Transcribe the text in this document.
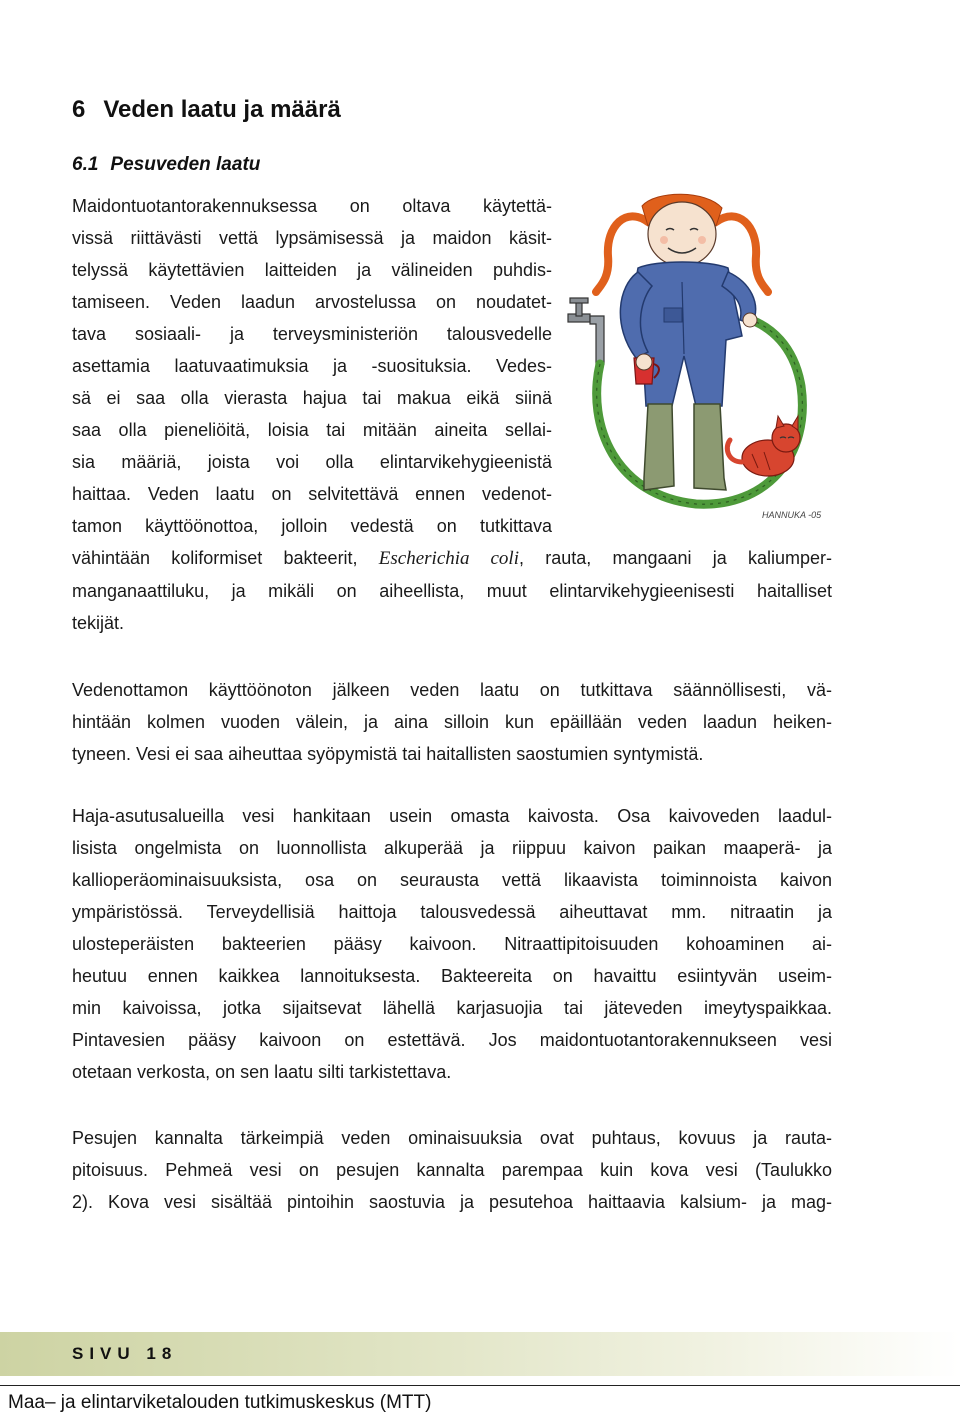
6 Veden laatu ja määrä
6.1 Pesuveden laatu
Maidontuotantorakennuksessa on oltava käytettä-
vissä riittävästi vettä lypsämisessä ja maidon käsit-
telyssä käytettävien laitteiden ja välineiden puhdis-
tamiseen. Veden laadun arvostelussa on noudatet-
tava sosiaali- ja terveysministeriön talousvedelle
asettamia laatuvaatimuksia ja -suosituksia. Vedes-
sä ei saa olla vierasta hajua tai makua eikä siinä
saa olla pieneliöitä, loisia tai mitään aineita sellai-
sia määriä, joista voi olla elintarvikehygieenistä
haittaa. Veden laatu on selvitettävä ennen vedenot-
tamon käyttöönottoa, jolloin vedestä on tutkittava
vähintään koliformiset bakteerit, Escherichia coli, rauta, mangaani ja kaliumper-
manganaattiluku, ja mikäli on aiheellista, muut elintarvikehygieenisesti haitalliset
tekijät.
HANNUKA -05
Vedenottamon käyttöönoton jälkeen veden laatu on tutkittava säännöllisesti, vä-
hintään kolmen vuoden välein, ja aina silloin kun epäillään veden laadun heiken-
tyneen. Vesi ei saa aiheuttaa syöpymistä tai haitallisten saostumien syntymistä.
Haja-asutusalueilla vesi hankitaan usein omasta kaivosta. Osa kaivoveden laadul-
lisista ongelmista on luonnollista alkuperää ja riippuu kaivon paikan maaperä- ja
kallioperäominaisuuksista, osa on seurausta vettä likaavista toiminnoista kaivon
ympäristössä. Terveydellisiä haittoja talousvedessä aiheuttavat mm. nitraatin ja
ulosteperäisten bakteerien pääsy kaivoon. Nitraattipitoisuuden kohoaminen ai-
heutuu ennen kaikkea lannoituksesta. Bakteereita on havaittu esiintyvän useim-
min kaivoissa, jotka sijaitsevat lähellä karjasuojia tai jäteveden imeytyspaikkaa.
Pintavesien pääsy kaivoon on estettävä. Jos maidontuotantorakennukseen vesi
otetaan verkosta, on sen laatu silti tarkistettava.
Pesujen kannalta tärkeimpiä veden ominaisuuksia ovat puhtaus, kovuus ja rauta-
pitoisuus. Pehmeä vesi on pesujen kannalta parempaa kuin kova vesi (Taulukko
2). Kova vesi sisältää pintoihin saostuvia ja pesutehoa haittaavia kalsium- ja mag-
SIVU 18
Maa– ja elintarviketalouden tutkimuskeskus (MTT)
